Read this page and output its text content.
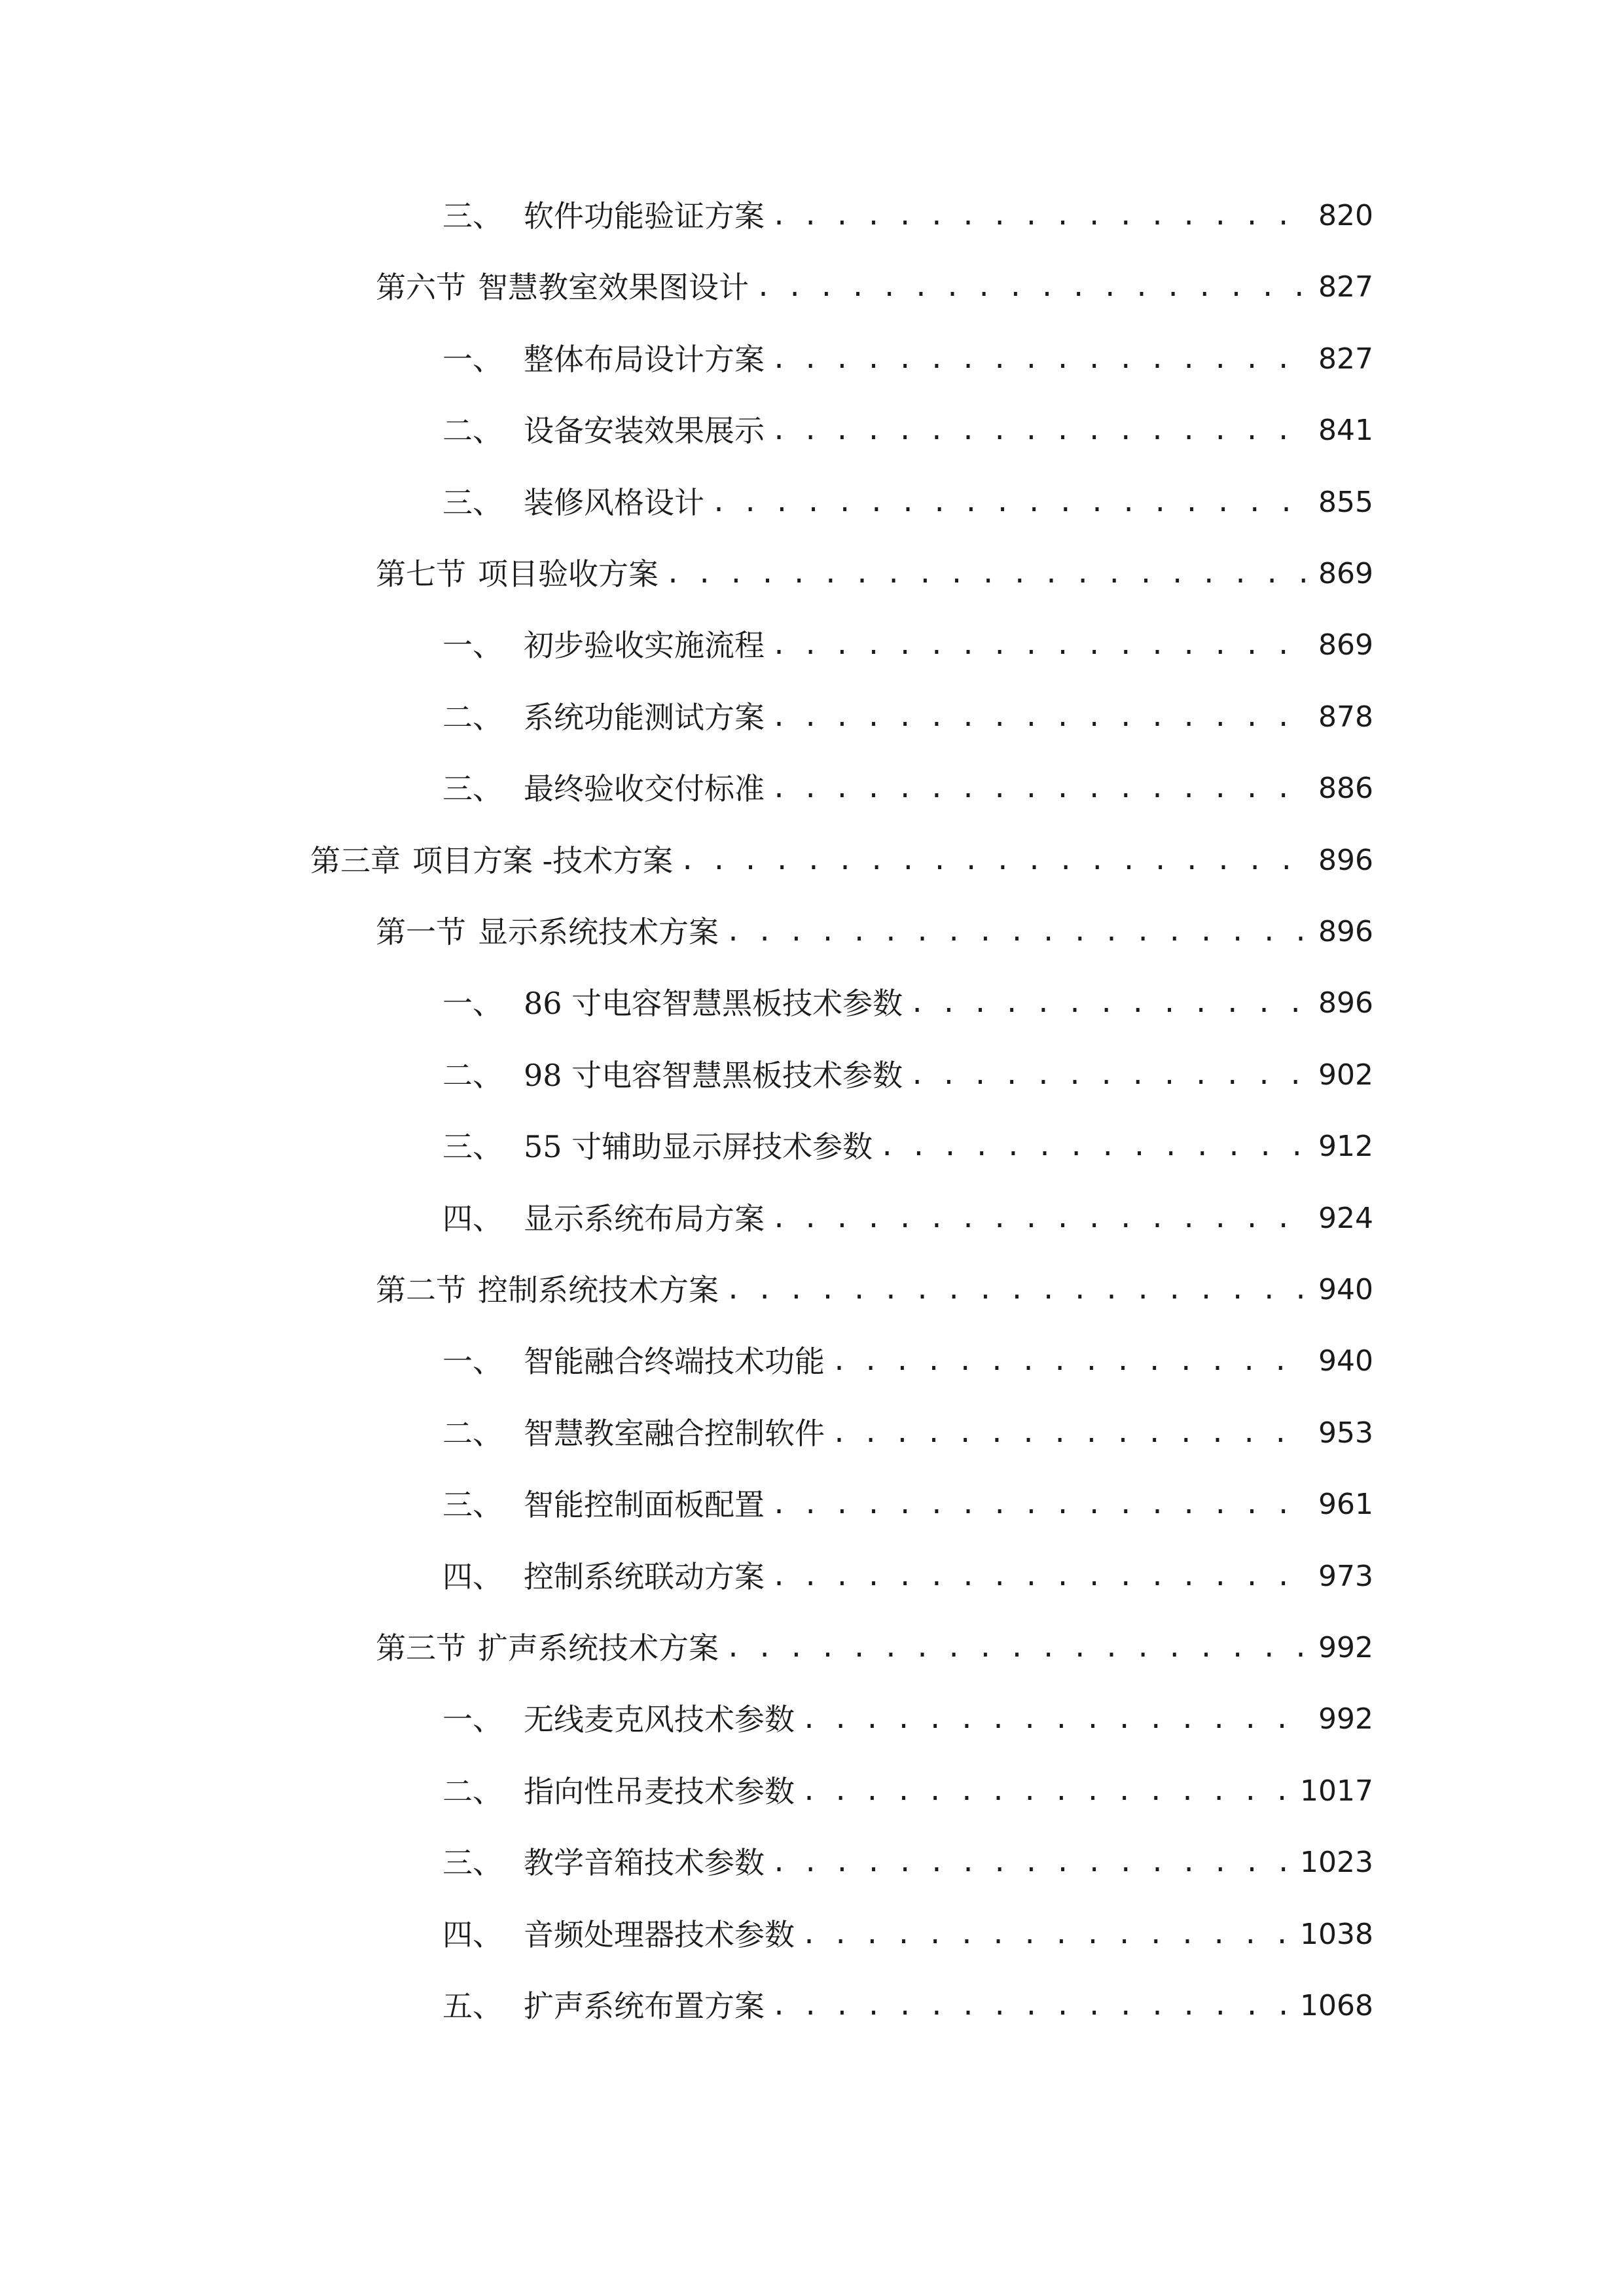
三、 软件功能验证方案 . . .	820
第六节 智慧教室效果图设计 . . .	827
一、 整体布局设计方案 . . .	827
二、 设备安装效果展示 . . .	841
三、 装修风格设计 . . .	855
第七节 项目验收方案 . . .	869
一、 初步验收实施流程 . . .	869
二、 系统功能测试方案 . . .	878
三、 最终验收交付标准 . . .	886
第三章 项目方案 -技术方案 . . .	896
第一节 显示系统技术方案 . . .	896
一、 86 寸电容智慧黑板技术参数 . . .	896
二、 98 寸电容智慧黑板技术参数 . . .	902
三、 55 寸辅助显示屏技术参数 . . .	912
四、 显示系统布局方案 . . .	924
第二节 控制系统技术方案 . . .	940
一、 智能融合终端技术功能 . . .	940
二、 智慧教室融合控制软件 . . .	953
三、 智能控制面板配置 . . .	961
四、 控制系统联动方案 . . .	973
第三节 扩声系统技术方案 . . .	992
一、 无线麦克风技术参数 . . .	992
二、 指向性吊麦技术参数 . . .	1017
三、 教学音箱技术参数 . . .	1023
四、 音频处理器技术参数 . . .	1038
五、 扩声系统布置方案 . . .	1068
